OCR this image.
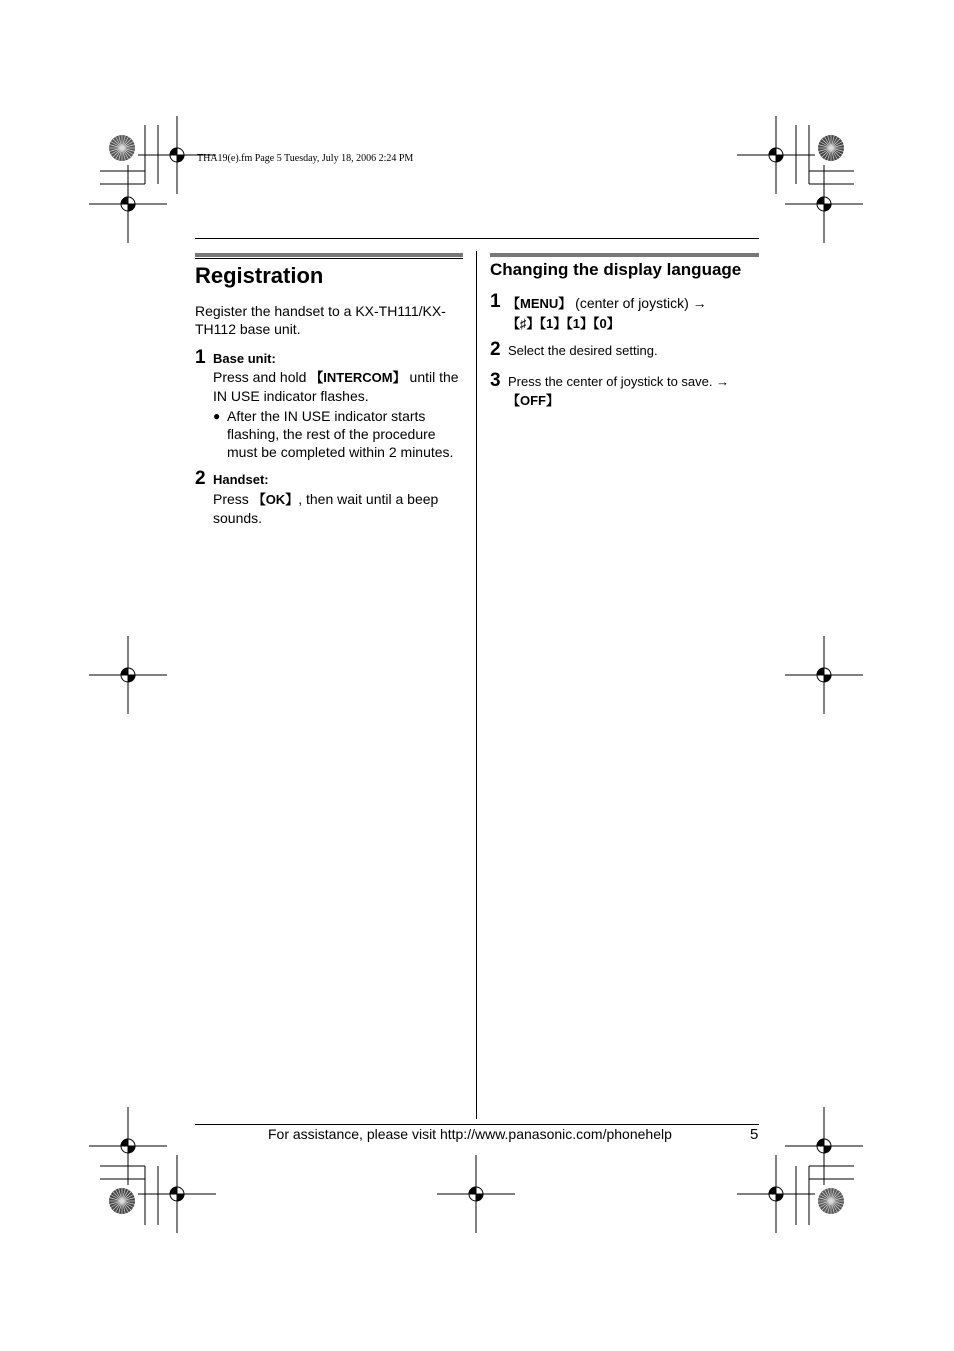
THA19(e).fm Page 5 Tuesday, July 18, 2006 2:24 PM
Registration
Register the handset to a KX-TH111/KX-TH112 base unit.
1 Base unit:
Press and hold 【INTERCOM】 until the IN USE indicator flashes.
● After the IN USE indicator starts flashing, the rest of the procedure must be completed within 2 minutes.
2 Handset:
Press 【OK】, then wait until a beep sounds.
Changing the display language
1 【MENU】 (center of joystick) →
【♯】【1】【1】【0】
2 Select the desired setting.
3 Press the center of joystick to save. →
【OFF】
For assistance, please visit http://www.panasonic.com/phonehelp	5
